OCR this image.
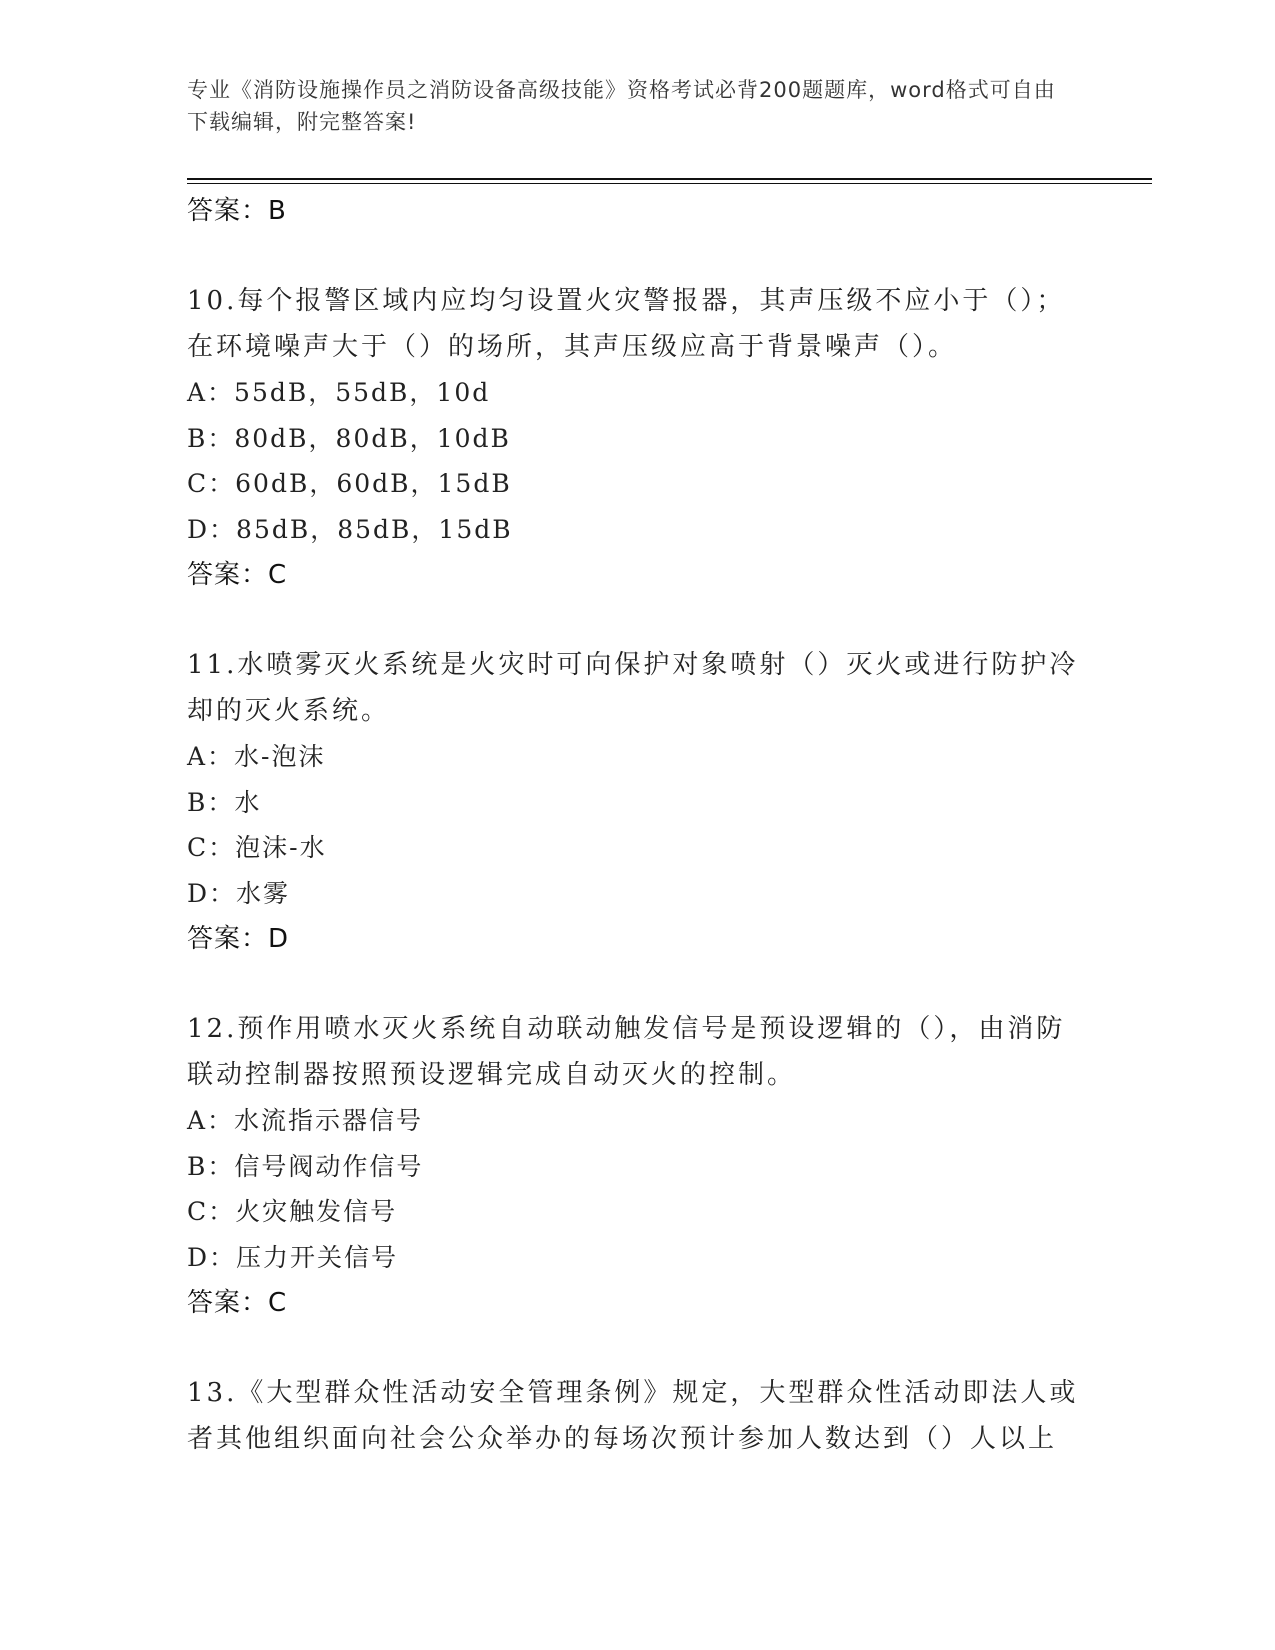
专业《消防设施操作员之消防设备高级技能》资格考试必背200题题库，word格式可自由下载编辑，附完整答案!
答案：B
10.每个报警区域内应均匀设置火灾警报器，其声压级不应小于（）；在环境噪声大于（）的场所，其声压级应高于背景噪声（）。
A：55dB，55dB，10d
B：80dB，80dB，10dB
C：60dB，60dB，15dB
D：85dB，85dB，15dB
答案：C
11.水喷雾灭火系统是火灾时可向保护对象喷射（）灭火或进行防护冷却的灭火系统。
A：水-泡沫
B：水
C：泡沫-水
D：水雾
答案：D
12.预作用喷水灭火系统自动联动触发信号是预设逻辑的（），由消防联动控制器按照预设逻辑完成自动灭火的控制。
A：水流指示器信号
B：信号阀动作信号
C：火灾触发信号
D：压力开关信号
答案：C
13.《大型群众性活动安全管理条例》规定，大型群众性活动即法人或者其他组织面向社会公众举办的每场次预计参加人数达到（）人以上
